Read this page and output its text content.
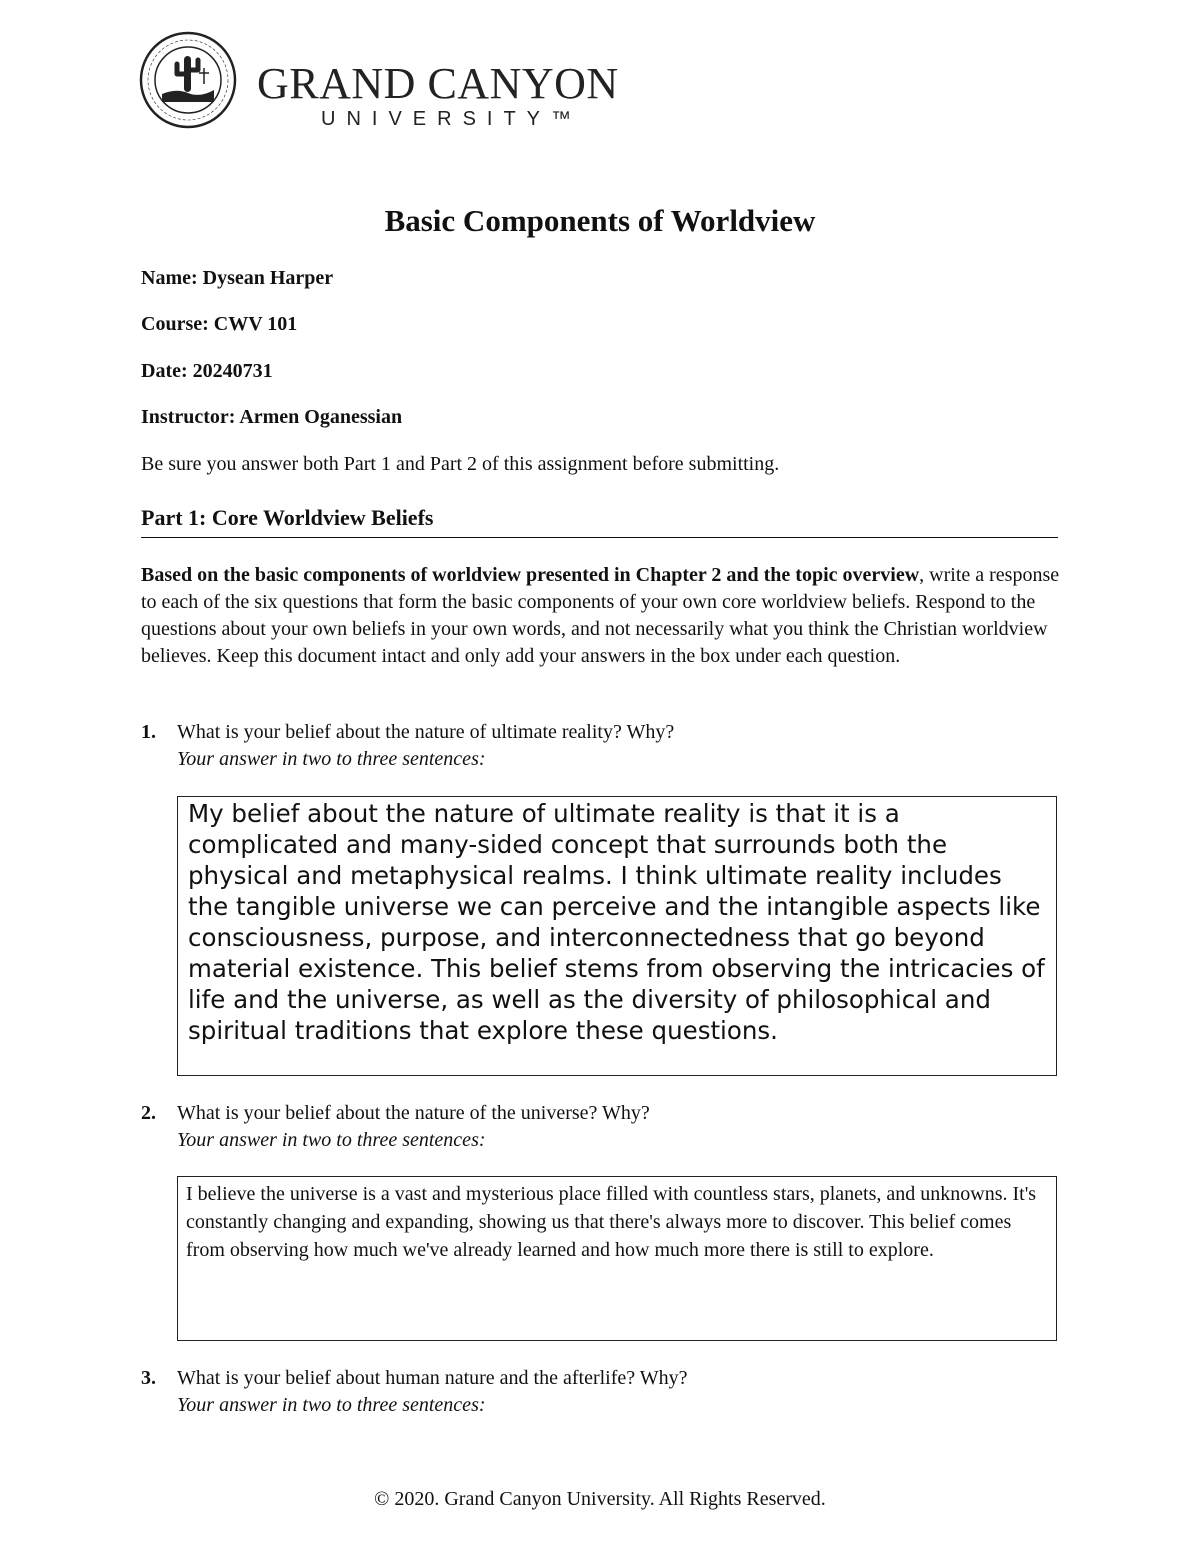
GRAND CANYON
UNIVERSITY™
Basic Components of Worldview
Name: Dysean Harper
Course: CWV 101
Date: 20240731
Instructor: Armen Oganessian
Be sure you answer both Part 1 and Part 2 of this assignment before submitting.
Part 1: Core Worldview Beliefs
Based on the basic components of worldview presented in Chapter 2 and the topic overview, write a response to each of the six questions that form the basic components of your own core worldview beliefs. Respond to the questions about your own beliefs in your own words, and not necessarily what you think the Christian worldview believes. Keep this document intact and only add your answers in the box under each question.
1. What is your belief about the nature of ultimate reality? Why?
Your answer in two to three sentences:

My belief about the nature of ultimate reality is that it is a complicated and many-sided concept that surrounds both the physical and metaphysical realms. I think ultimate reality includes the tangible universe we can perceive and the intangible aspects like consciousness, purpose, and interconnectedness that go beyond material existence. This belief stems from observing the intricacies of life and the universe, as well as the diversity of philosophical and spiritual traditions that explore these questions.

2. What is your belief about the nature of the universe? Why?
Your answer in two to three sentences:

I believe the universe is a vast and mysterious place filled with countless stars, planets, and unknowns. It's constantly changing and expanding, showing us that there's always more to discover. This belief comes from observing how much we've already learned and how much more there is still to explore.

3. What is your belief about human nature and the afterlife? Why?
Your answer in two to three sentences:
© 2020. Grand Canyon University. All Rights Reserved.
